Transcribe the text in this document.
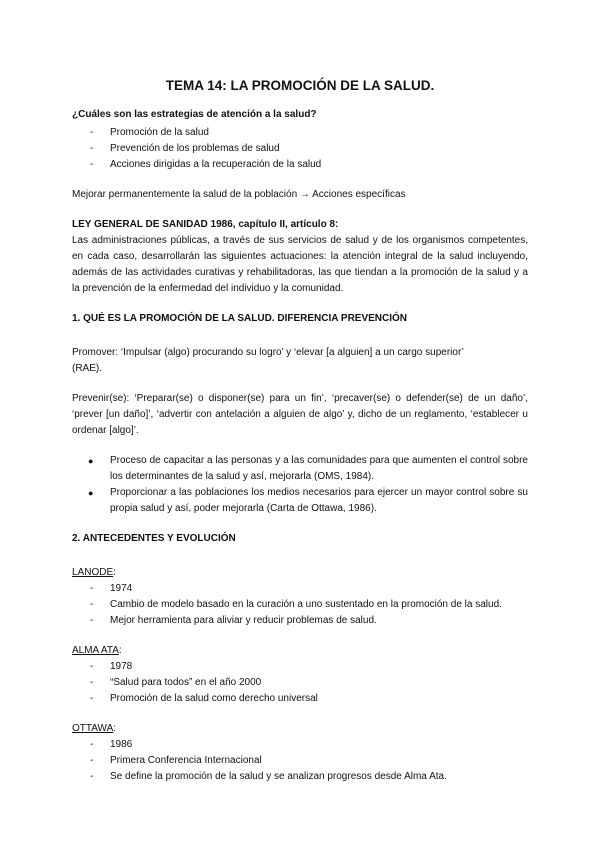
TEMA 14: LA PROMOCIÓN DE LA SALUD.

¿Cuáles son las estrategias de atención a la salud?

- Promoción de la salud
- Prevención de los problemas de salud
- Acciones dirigidas a la recuperación de la salud

Mejorar permanentemente la salud de la población → Acciones específicas

LEY GENERAL DE SANIDAD 1986, capítulo II, artículo 8:

Las administraciones públicas, a través de sus servicios de salud y de los organismos competentes, en cada caso, desarrollarán las siguientes actuaciones: la atención integral de la salud incluyendo, además de las actividades curativas y rehabilitadoras, las que tiendan a la promoción de la salud y a la prevención de la enfermedad del individuo y la comunidad.

1. QUÉ ES LA PROMOCIÓN DE LA SALUD. DIFERENCIA PREVENCIÓN

Promover: ‘Impulsar (algo) procurando su logro’ y ‘elevar [a alguien] a un cargo superior’
(RAE).

Prevenir(se): ‘Preparar(se) o disponer(se) para un fin’, ‘precaver(se) o defender(se) de un daño’, ‘prever [un daño]’, ‘advertir con antelación a alguien de algo’ y, dicho de un reglamento, ‘establecer u ordenar [algo]’.

● Proceso de capacitar a las personas y a las comunidades para que aumenten el control sobre los determinantes de la salud y así, mejorarla (OMS, 1984).
● Proporcionar a las poblaciones los medios necesarios para ejercer un mayor control sobre su propia salud y así, poder mejorarla (Carta de Ottawa, 1986).

2. ANTECEDENTES Y EVOLUCIÓN

LANODE:

- 1974
- Cambio de modelo basado en la curación a uno sustentado en la promoción de la salud.
- Mejor herramienta para aliviar y reducir problemas de salud.

ALMA ATA:

- 1978
- “Salud para todos” en el año 2000
- Promoción de la salud como derecho universal

OTTAWA:

- 1986
- Primera Conferencia Internacional
- Se define la promoción de la salud y se analizan progresos desde Alma Ata.
